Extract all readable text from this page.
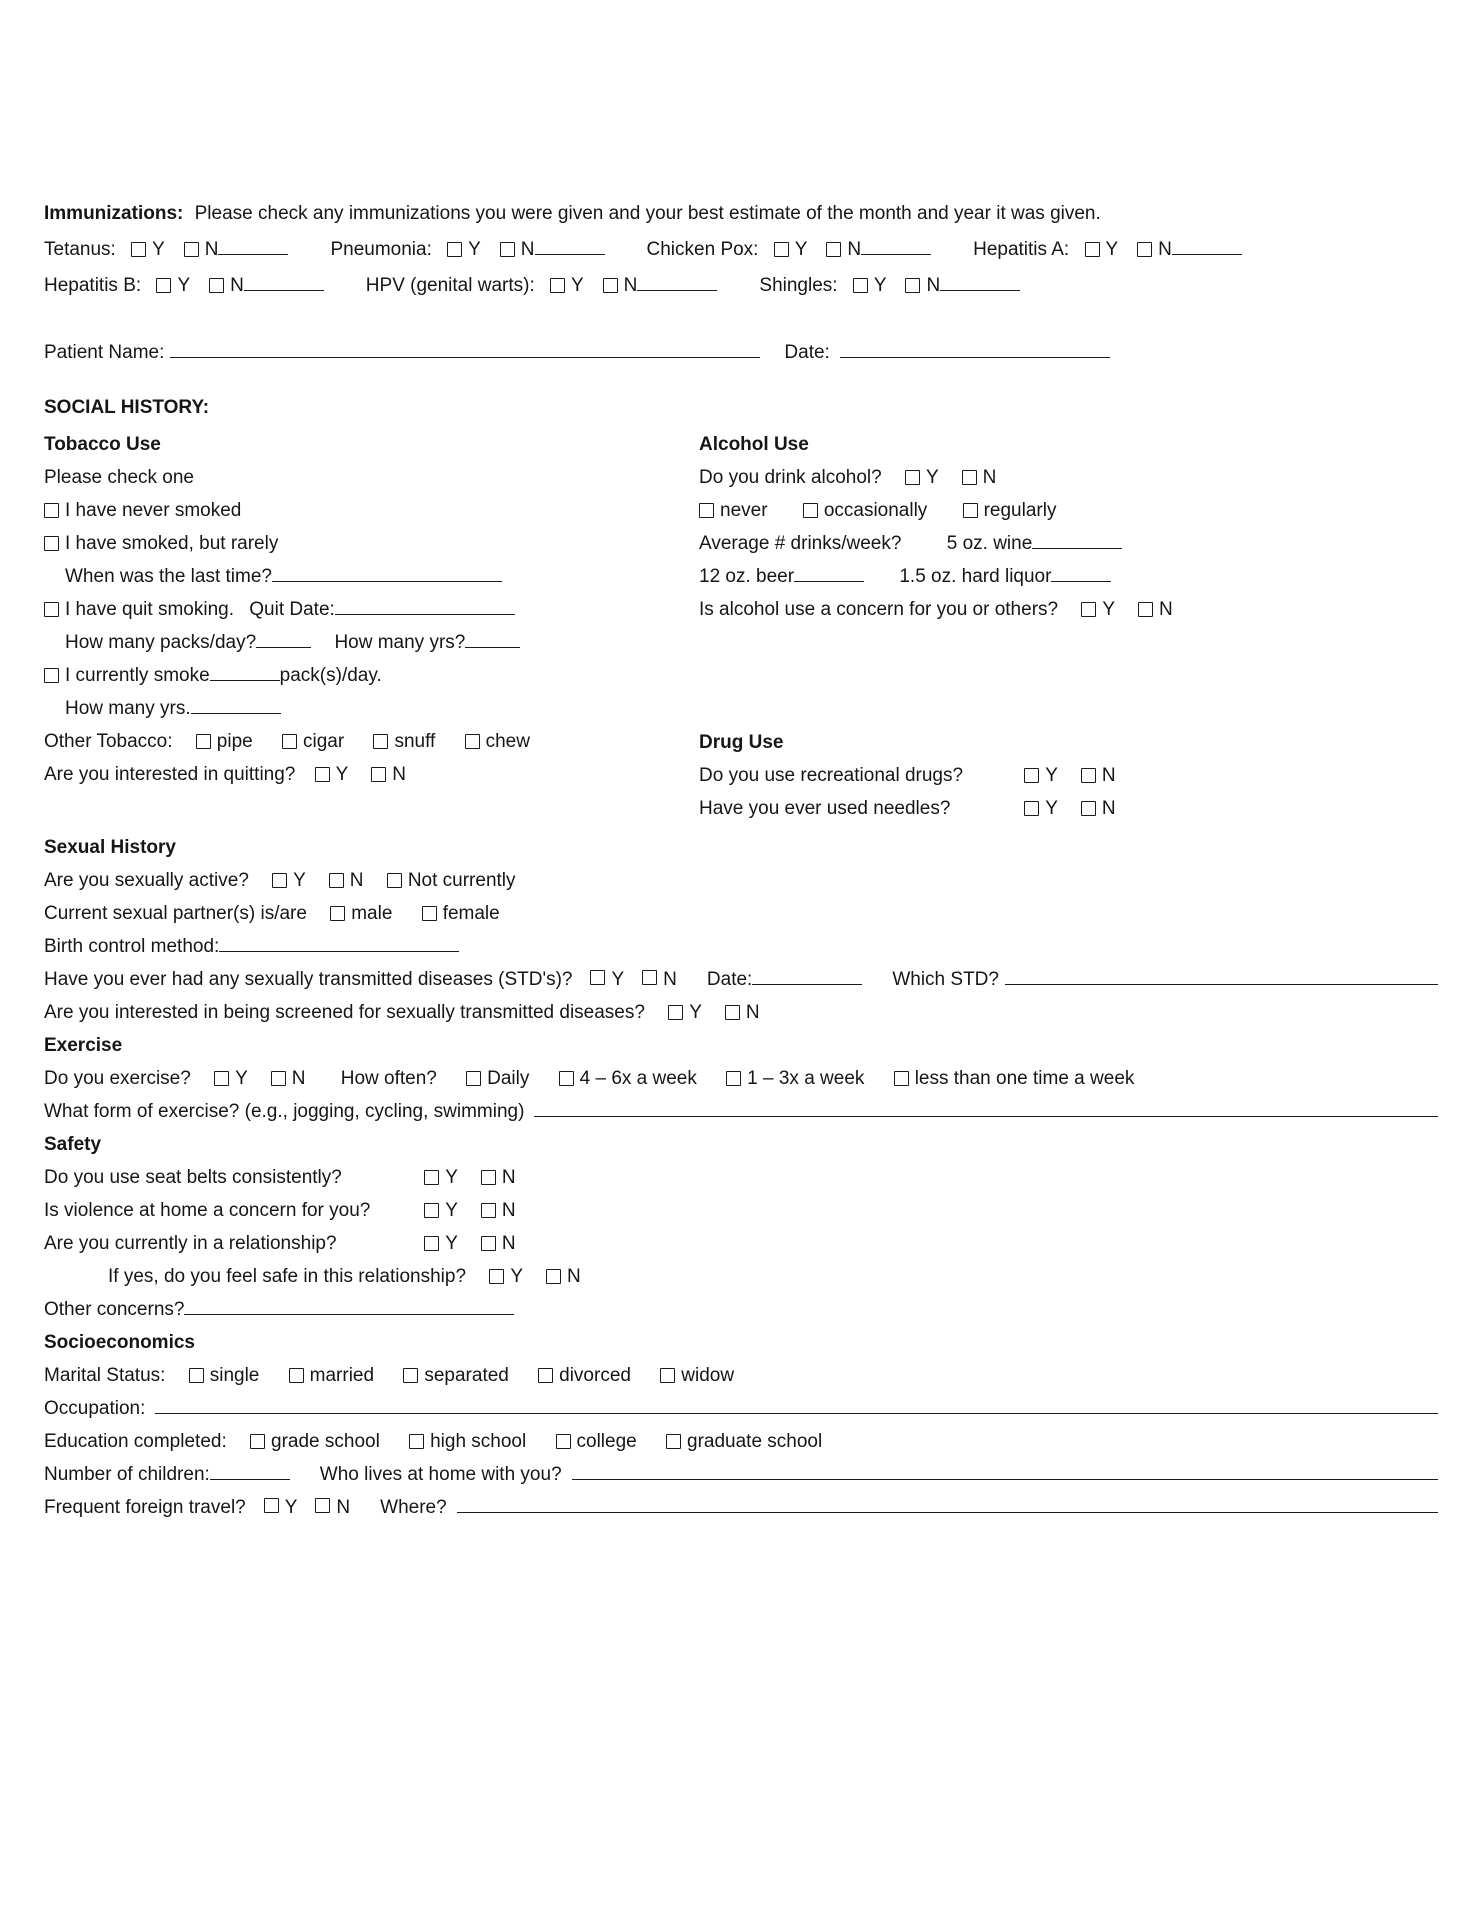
Immunizations: Please check any immunizations you were given and your best estimate of the month and year it was given.

Tetanus: Y N	Pneumonia: Y N	Chicken Pox: Y N	Hepatitis A: Y N
Hepatitis B: Y N	HPV (genital warts): Y N	Shingles: Y N
Patient Name:	Date:

SOCIAL HISTORY:

Tobacco Use

Please check one

I have never smoked

I have smoked, but rarely

When was the last time?

I have quit smoking. Quit Date:

How many packs/day?	How many yrs?

I currently smoke	pack(s)/day.

How many yrs.

Other Tobacco: pipe	cigar	snuff	chew

Are you interested in quitting? Y N

Alcohol Use

Do you drink alcohol? Y N

never	occasionally	regularly

Average # drinks/week? 5 oz. wine

12 oz. beer	1.5 oz. hard liquor

Is alcohol use a concern for you or others? Y N

Drug Use

Do you use recreational drugs?	Y N

Have you ever used needles?	Y N

Sexual History

Are you sexually active? Y N Not currently

Current sexual partner(s) is/are male	female

Birth control method:

Have you ever had any sexually transmitted diseases (STD's)? Y N Date:	Which STD?

Are you interested in being screened for sexually transmitted diseases? Y N

Exercise

Do you exercise? Y N How often?	Daily	4 – 6x a week	1 – 3x a week	less than one time a week

What form of exercise? (e.g., jogging, cycling, swimming)

Safety

Do you use seat belts consistently?	Y N

Is violence at home a concern for you?	Y N

Are you currently in a relationship?	Y N

If yes, do you feel safe in this relationship? Y N

Other concerns?

Socioeconomics

Marital Status: single	married	separated	divorced	widow

Occupation:

Education completed: grade school	high school	college	graduate school

Number of children:	Who lives at home with you?
Frequent foreign travel? Y N Where?
